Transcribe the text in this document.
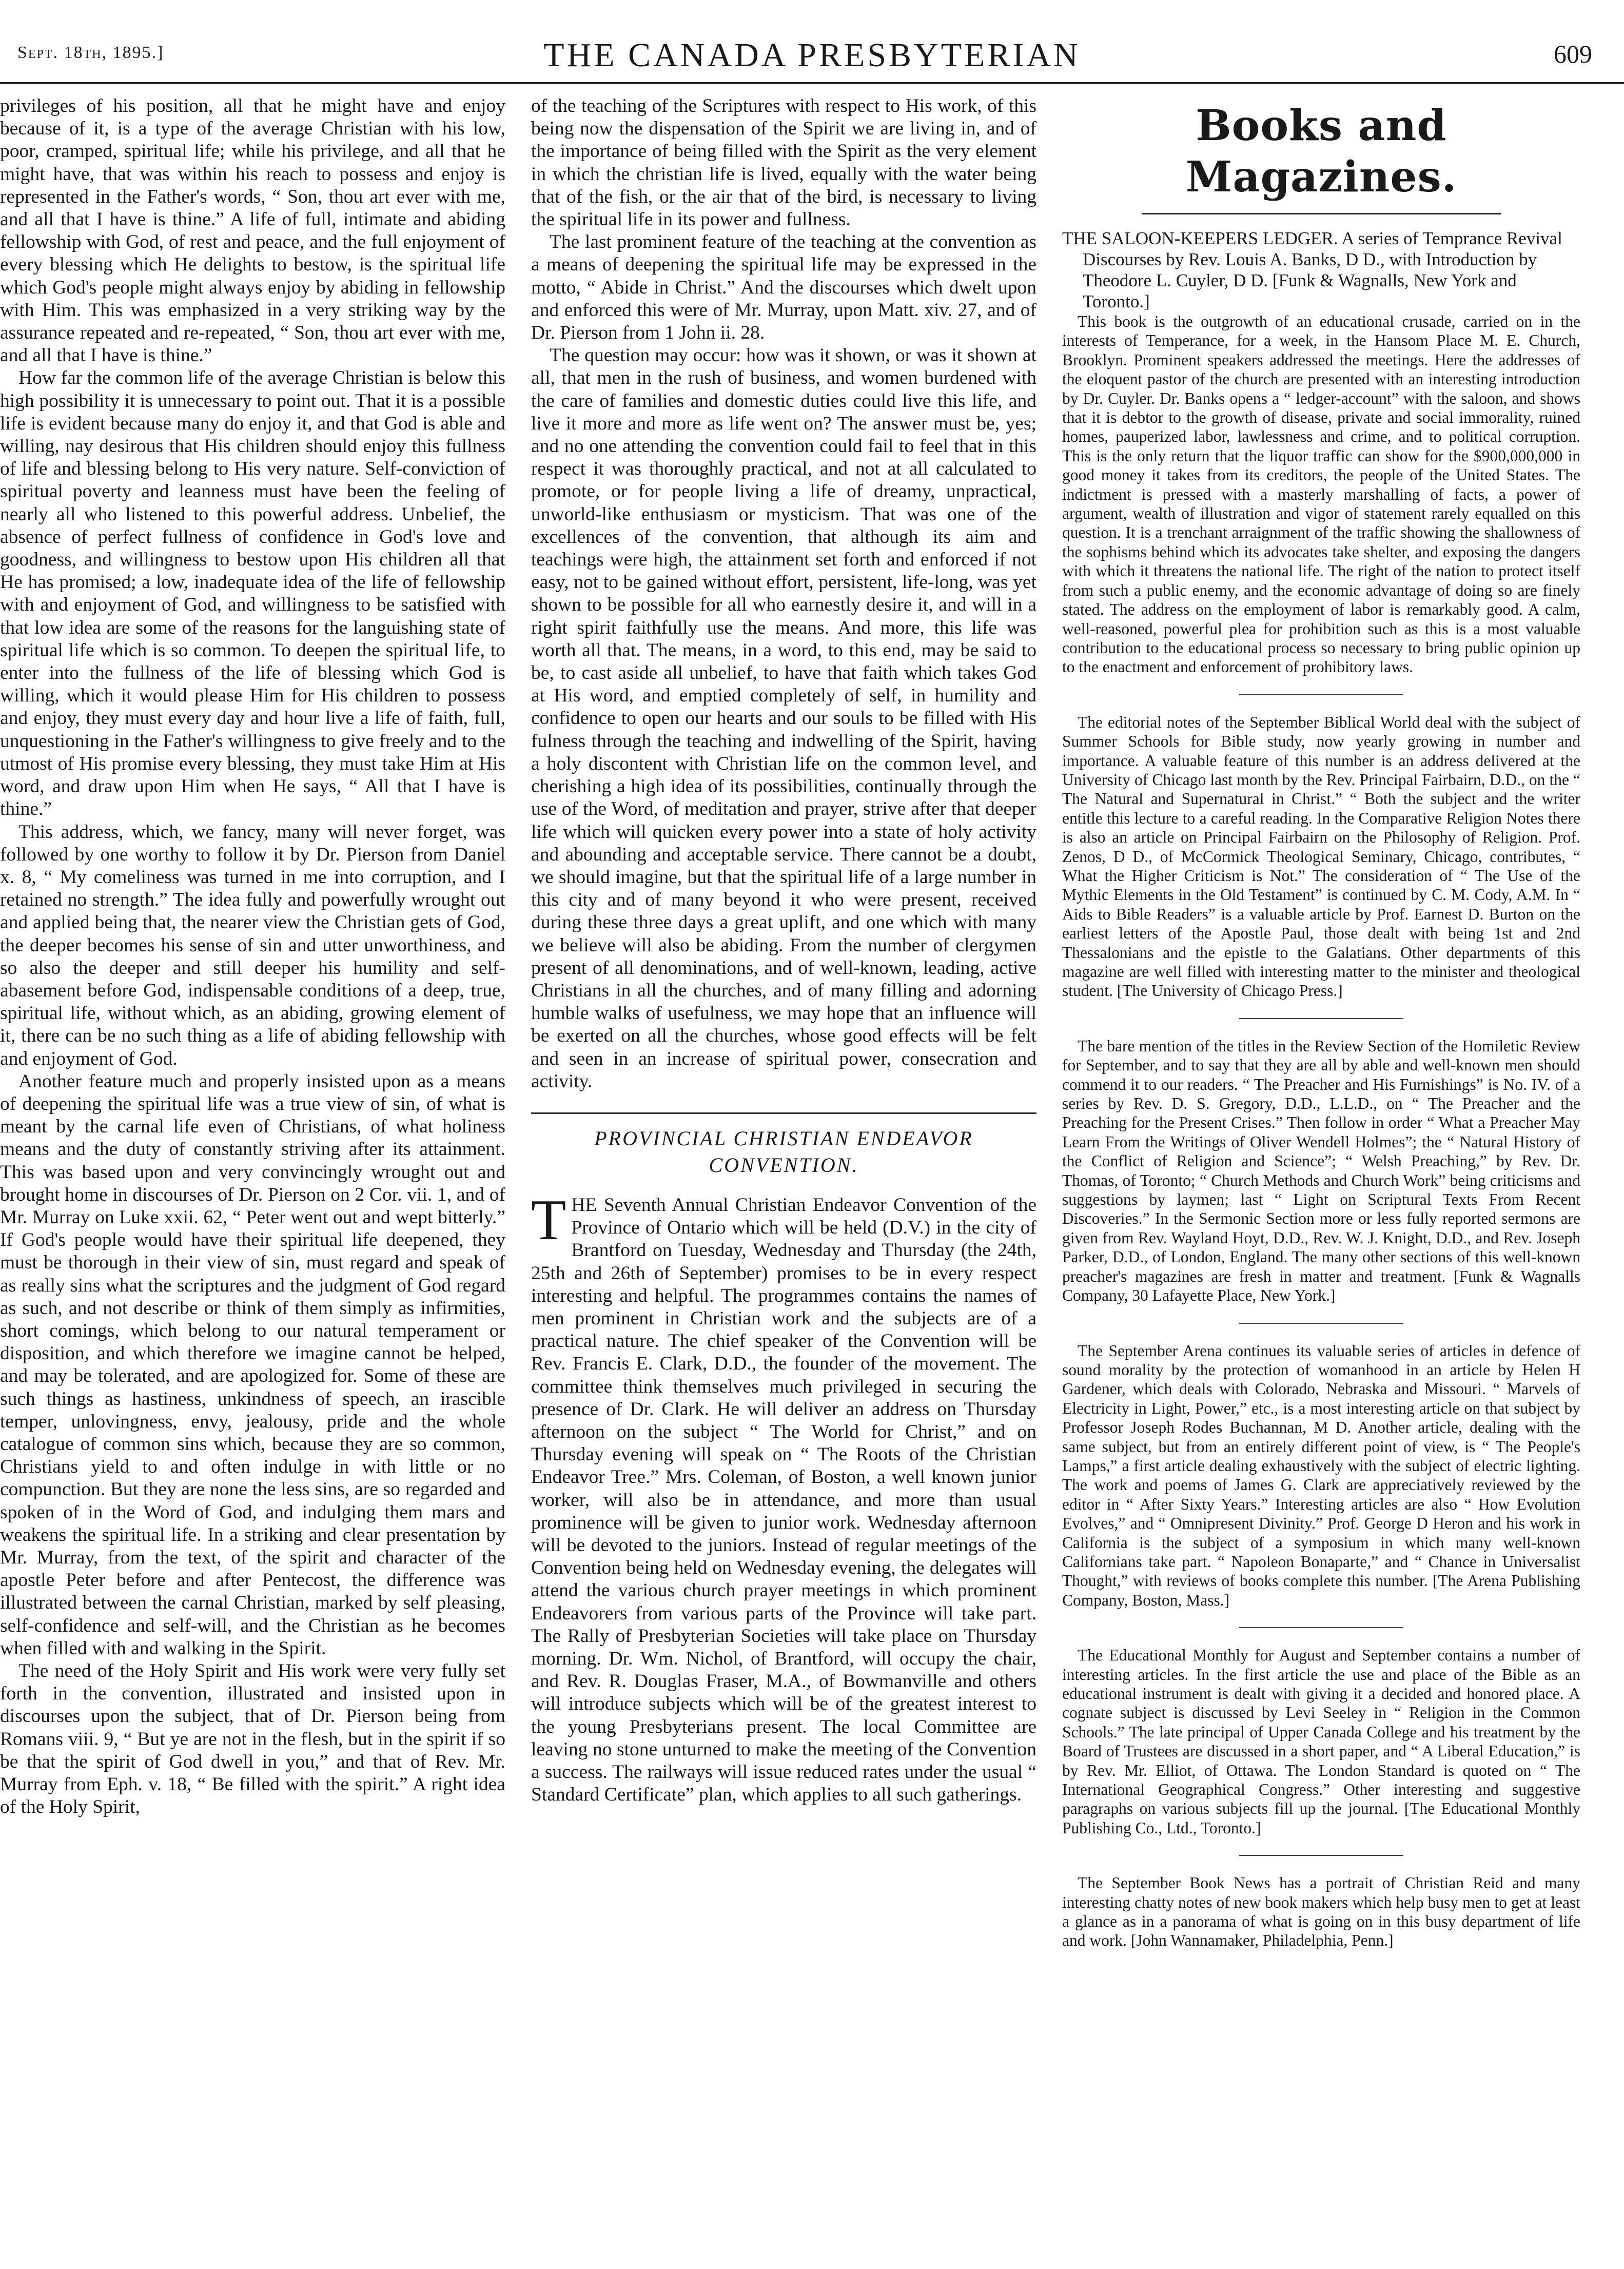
Sept. 18th, 1895.]	THE CANADA PRESBYTERIAN	609

privileges of his position, all that he might have and enjoy because of it, is a type of the average Christian with his low, poor, cramped, spiritual life; while his privilege, and all that he might have, that was within his reach to possess and enjoy is represented in the Father's words, “ Son, thou art ever with me, and all that I have is thine.” A life of full, intimate and abiding fellowship with God, of rest and peace, and the full enjoyment of every blessing which He delights to bestow, is the spiritual life which God's people might always enjoy by abiding in fellowship with Him. This was emphasized in a very striking way by the assurance repeated and re-repeated, “ Son, thou art ever with me, and all that I have is thine.”

How far the common life of the average Christian is below this high possibility it is unnecessary to point out. That it is a possible life is evident because many do enjoy it, and that God is able and willing, nay desirous that His children should enjoy this fullness of life and blessing belong to His very nature. Self-conviction of spiritual poverty and leanness must have been the feeling of nearly all who listened to this powerful address. Unbelief, the absence of perfect fullness of confidence in God's love and goodness, and willingness to bestow upon His children all that He has promised; a low, inadequate idea of the life of fellowship with and enjoyment of God, and willingness to be satisfied with that low idea are some of the reasons for the languishing state of spiritual life which is so common. To deepen the spiritual life, to enter into the fullness of the life of blessing which God is willing, which it would please Him for His children to possess and enjoy, they must every day and hour live a life of faith, full, unquestioning in the Father's willingness to give freely and to the utmost of His promise every blessing, they must take Him at His word, and draw upon Him when He says, “ All that I have is thine.”

This address, which, we fancy, many will never forget, was followed by one worthy to follow it by Dr. Pierson from Daniel x. 8, “ My comeliness was turned in me into corruption, and I retained no strength.” The idea fully and powerfully wrought out and applied being that, the nearer view the Christian gets of God, the deeper becomes his sense of sin and utter unworthiness, and so also the deeper and still deeper his humility and self-abasement before God, indispensable conditions of a deep, true, spiritual life, without which, as an abiding, growing element of it, there can be no such thing as a life of abiding fellowship with and enjoyment of God.

Another feature much and properly insisted upon as a means of deepening the spiritual life was a true view of sin, of what is meant by the carnal life even of Christians, of what holiness means and the duty of constantly striving after its attainment. This was based upon and very convincingly wrought out and brought home in discourses of Dr. Pierson on 2 Cor. vii. 1, and of Mr. Murray on Luke xxii. 62, “ Peter went out and wept bitterly.” If God's people would have their spiritual life deepened, they must be thorough in their view of sin, must regard and speak of as really sins what the scriptures and the judgment of God regard as such, and not describe or think of them simply as infirmities, short comings, which belong to our natural temperament or disposition, and which therefore we imagine cannot be helped, and may be tolerated, and are apologized for. Some of these are such things as hastiness, unkindness of speech, an irascible temper, unlovingness, envy, jealousy, pride and the whole catalogue of common sins which, because they are so common, Christians yield to and often indulge in with little or no compunction. But they are none the less sins, are so regarded and spoken of in the Word of God, and indulging them mars and weakens the spiritual life. In a striking and clear presentation by Mr. Murray, from the text, of the spirit and character of the apostle Peter before and after Pentecost, the difference was illustrated between the carnal Christian, marked by self pleasing, self-confidence and self-will, and the Christian as he becomes when filled with and walking in the Spirit.

The need of the Holy Spirit and His work were very fully set forth in the convention, illustrated and insisted upon in discourses upon the subject, that of Dr. Pierson being from Romans viii. 9, “ But ye are not in the flesh, but in the spirit if so be that the spirit of God dwell in you,” and that of Rev. Mr. Murray from Eph. v. 18, “ Be filled with the spirit.” A right idea of the Holy Spirit,

of the teaching of the Scriptures with respect to His work, of this being now the dispensation of the Spirit we are living in, and of the importance of being filled with the Spirit as the very element in which the christian life is lived, equally with the water being that of the fish, or the air that of the bird, is necessary to living the spiritual life in its power and fullness.

The last prominent feature of the teaching at the convention as a means of deepening the spiritual life may be expressed in the motto, “ Abide in Christ.” And the discourses which dwelt upon and enforced this were of Mr. Murray, upon Matt. xiv. 27, and of Dr. Pierson from 1 John ii. 28.

The question may occur: how was it shown, or was it shown at all, that men in the rush of business, and women burdened with the care of families and domestic duties could live this life, and live it more and more as life went on? The answer must be, yes; and no one attending the convention could fail to feel that in this respect it was thoroughly practical, and not at all calculated to promote, or for people living a life of dreamy, unpractical, unworld-like enthusiasm or mysticism. That was one of the excellences of the convention, that although its aim and teachings were high, the attainment set forth and enforced if not easy, not to be gained without effort, persistent, life-long, was yet shown to be possible for all who earnestly desire it, and will in a right spirit faithfully use the means. And more, this life was worth all that. The means, in a word, to this end, may be said to be, to cast aside all unbelief, to have that faith which takes God at His word, and emptied completely of self, in humility and confidence to open our hearts and our souls to be filled with His fulness through the teaching and indwelling of the Spirit, having a holy discontent with Christian life on the common level, and cherishing a high idea of its possibilities, continually through the use of the Word, of meditation and prayer, strive after that deeper life which will quicken every power into a state of holy activity and abounding and acceptable service. There cannot be a doubt, we should imagine, but that the spiritual life of a large number in this city and of many beyond it who were present, received during these three days a great uplift, and one which with many we believe will also be abiding. From the number of clergymen present of all denominations, and of well-known, leading, active Christians in all the churches, and of many filling and adorning humble walks of usefulness, we may hope that an influence will be exerted on all the churches, whose good effects will be felt and seen in an increase of spiritual power, consecration and activity.

PROVINCIAL CHRISTIAN ENDEAVOR CONVENTION.

THE Seventh Annual Christian Endeavor Convention of the Province of Ontario which will be held (D.V.) in the city of Brantford on Tuesday, Wednesday and Thursday (the 24th, 25th and 26th of September) promises to be in every respect interesting and helpful. The programmes contains the names of men prominent in Christian work and the subjects are of a practical nature. The chief speaker of the Convention will be Rev. Francis E. Clark, D.D., the founder of the movement. The committee think themselves much privileged in securing the presence of Dr. Clark. He will deliver an address on Thursday afternoon on the subject “ The World for Christ,” and on Thursday evening will speak on “ The Roots of the Christian Endeavor Tree.” Mrs. Coleman, of Boston, a well known junior worker, will also be in attendance, and more than usual prominence will be given to junior work. Wednesday afternoon will be devoted to the juniors. Instead of regular meetings of the Convention being held on Wednesday evening, the delegates will attend the various church prayer meetings in which prominent Endeavorers from various parts of the Province will take part. The Rally of Presbyterian Societies will take place on Thursday morning. Dr. Wm. Nichol, of Brantford, will occupy the chair, and Rev. R. Douglas Fraser, M.A., of Bowmanville and others will introduce subjects which will be of the greatest interest to the young Presbyterians present. The local Committee are leaving no stone unturned to make the meeting of the Convention a success. The railways will issue reduced rates under the usual “ Standard Certificate” plan, which applies to all such gatherings.

Books and Magazines.

THE SALOON-KEEPERS LEDGER. A series of Temprance Revival Discourses by Rev. Louis A. Banks, D D., with Introduction by Theodore L. Cuyler, D D. [Funk & Wagnalls, New York and Toronto.]

This book is the outgrowth of an educational crusade, carried on in the interests of Temperance, for a week, in the Hansom Place M. E. Church, Brooklyn. Prominent speakers addressed the meetings. Here the addresses of the eloquent pastor of the church are presented with an interesting introduction by Dr. Cuyler. Dr. Banks opens a “ ledger-account” with the saloon, and shows that it is debtor to the growth of disease, private and social immorality, ruined homes, pauperized labor, lawlessness and crime, and to political corruption. This is the only return that the liquor traffic can show for the $900,000,000 in good money it takes from its creditors, the people of the United States. The indictment is pressed with a masterly marshalling of facts, a power of argument, wealth of illustration and vigor of statement rarely equalled on this question. It is a trenchant arraignment of the traffic showing the shallowness of the sophisms behind which its advocates take shelter, and exposing the dangers with which it threatens the national life. The right of the nation to protect itself from such a public enemy, and the economic advantage of doing so are finely stated. The address on the employment of labor is remarkably good. A calm, well-reasoned, powerful plea for prohibition such as this is a most valuable contribution to the educational process so necessary to bring public opinion up to the enactment and enforcement of prohibitory laws.

The editorial notes of the September Biblical World deal with the subject of Summer Schools for Bible study, now yearly growing in number and importance. A valuable feature of this number is an address delivered at the University of Chicago last month by the Rev. Principal Fairbairn, D.D., on the “ The Natural and Supernatural in Christ.” “ Both the subject and the writer entitle this lecture to a careful reading. In the Comparative Religion Notes there is also an article on Principal Fairbairn on the Philosophy of Religion. Prof. Zenos, D D., of McCormick Theological Seminary, Chicago, contributes, “ What the Higher Criticism is Not.” The consideration of “ The Use of the Mythic Elements in the Old Testament” is continued by C. M. Cody, A.M. In “ Aids to Bible Readers” is a valuable article by Prof. Earnest D. Burton on the earliest letters of the Apostle Paul, those dealt with being 1st and 2nd Thessalonians and the epistle to the Galatians. Other departments of this magazine are well filled with interesting matter to the minister and theological student. [The University of Chicago Press.]

The bare mention of the titles in the Review Section of the Homiletic Review for September, and to say that they are all by able and well-known men should commend it to our readers. “ The Preacher and His Furnishings” is No. IV. of a series by Rev. D. S. Gregory, D.D., L.L.D., on “ The Preacher and the Preaching for the Present Crises.” Then follow in order “ What a Preacher May Learn From the Writings of Oliver Wendell Holmes”; the “ Natural History of the Conflict of Religion and Science”; “ Welsh Preaching,” by Rev. Dr. Thomas, of Toronto; “ Church Methods and Church Work” being criticisms and suggestions by laymen; last “ Light on Scriptural Texts From Recent Discoveries.” In the Sermonic Section more or less fully reported sermons are given from Rev. Wayland Hoyt, D.D., Rev. W. J. Knight, D.D., and Rev. Joseph Parker, D.D., of London, England. The many other sections of this well-known preacher's magazines are fresh in matter and treatment. [Funk & Wagnalls Company, 30 Lafayette Place, New York.]

The September Arena continues its valuable series of articles in defence of sound morality by the protection of womanhood in an article by Helen H Gardener, which deals with Colorado, Nebraska and Missouri. “ Marvels of Electricity in Light, Power,” etc., is a most interesting article on that subject by Professor Joseph Rodes Buchannan, M D. Another article, dealing with the same subject, but from an entirely different point of view, is “ The People's Lamps,” a first article dealing exhaustively with the subject of electric lighting. The work and poems of James G. Clark are appreciatively reviewed by the editor in “ After Sixty Years.” Interesting articles are also “ How Evolution Evolves,” and “ Omnipresent Divinity.” Prof. George D Heron and his work in California is the subject of a symposium in which many well-known Californians take part. “ Napoleon Bonaparte,” and “ Chance in Universalist Thought,” with reviews of books complete this number. [The Arena Publishing Company, Boston, Mass.]

The Educational Monthly for August and September contains a number of interesting articles. In the first article the use and place of the Bible as an educational instrument is dealt with giving it a decided and honored place. A cognate subject is discussed by Levi Seeley in “ Religion in the Common Schools.” The late principal of Upper Canada College and his treatment by the Board of Trustees are discussed in a short paper, and “ A Liberal Education,” is by Rev. Mr. Elliot, of Ottawa. The London Standard is quoted on “ The International Geographical Congress.” Other interesting and suggestive paragraphs on various subjects fill up the journal. [The Educational Monthly Publishing Co., Ltd., Toronto.]

The September Book News has a portrait of Christian Reid and many interesting chatty notes of new book makers which help busy men to get at least a glance as in a panorama of what is going on in this busy department of life and work. [John Wannamaker, Philadelphia, Penn.]
